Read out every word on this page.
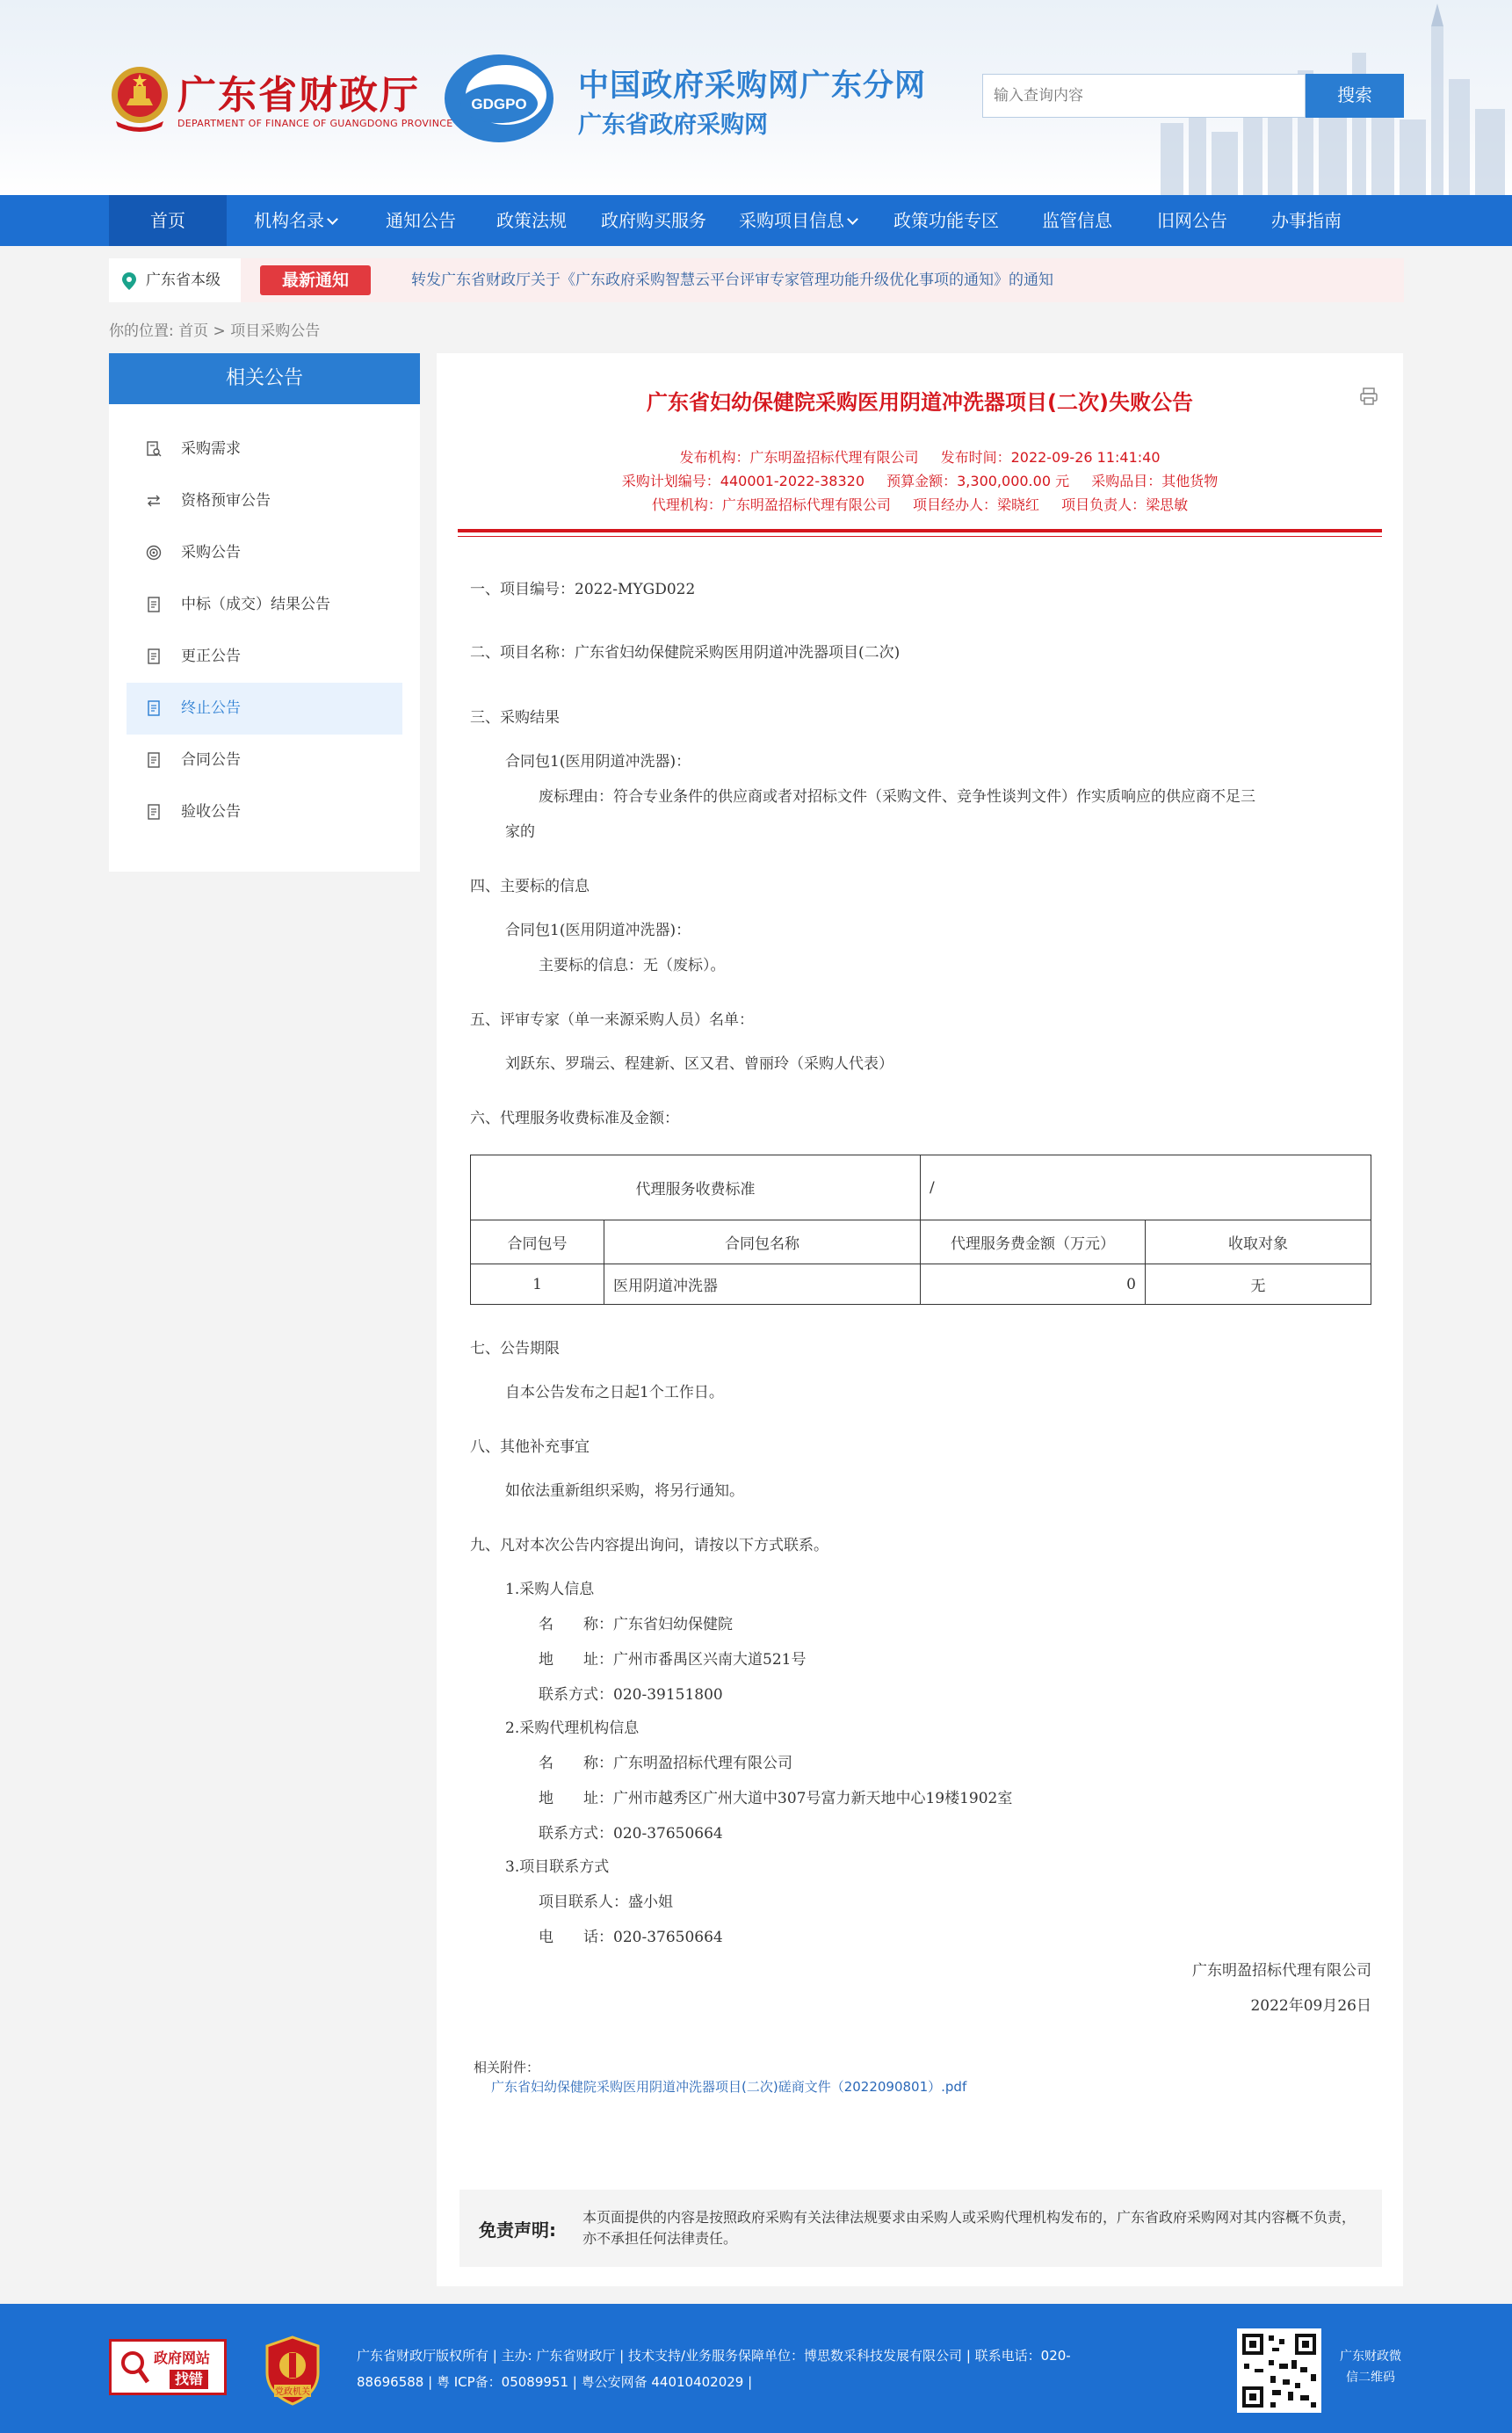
广东省财政厅
DEPARTMENT OF FINANCE OF GUANGDONG PROVINCE
GDGPO
中国政府采购网广东分网
广东省政府采购网
输入查询内容
搜索
首页	机构名录	通知公告	政策法规	政府购买服务	采购项目信息	政策功能专区	监管信息	旧网公告	办事指南
广东省本级	最新通知	转发广东省财政厅关于《广东政府采购智慧云平台评审专家管理功能升级优化事项的通知》的通知
你的位置: 首页 > 项目采购公告
相关公告
采购需求
资格预审公告
采购公告
中标（成交）结果公告
更正公告
终止公告
合同公告
验收公告
广东省妇幼保健院采购医用阴道冲洗器项目(二次)失败公告
发布机构：广东明盈招标代理有限公司 发布时间：2022-09-26 11:41:40
采购计划编号：440001-2022-38320 预算金额：3,300,000.00 元 采购品目：其他货物
代理机构：广东明盈招标代理有限公司 项目经办人：梁晓红 项目负责人：梁思敏
一、项目编号：2022-MYGD022
二、项目名称：广东省妇幼保健院采购医用阴道冲洗器项目(二次)
三、采购结果
合同包1(医用阴道冲洗器)：
废标理由：符合专业条件的供应商或者对招标文件（采购文件、竞争性谈判文件）作实质响应的供应商不足三
家的
四、主要标的信息
合同包1(医用阴道冲洗器)：
主要标的信息：无（废标）。
五、评审专家（单一来源采购人员）名单：
刘跃东、罗瑞云、程建新、区又君、曾丽玲（采购人代表）
六、代理服务收费标准及金额：
代理服务收费标准		/	
合同包号	合同包名称	代理服务费金额（万元）	收取对象
1	医用阴道冲洗器	0	无
七、公告期限
自本公告发布之日起1个工作日。
八、其他补充事宜
如依法重新组织采购，将另行通知。
九、凡对本次公告内容提出询问，请按以下方式联系。
1.采购人信息
名　　称：广东省妇幼保健院
地　　址：广州市番禺区兴南大道521号
联系方式：020-39151800
2.采购代理机构信息
名　　称：广东明盈招标代理有限公司
地　　址：广州市越秀区广州大道中307号富力新天地中心19楼1902室
联系方式：020-37650664
3.项目联系方式
项目联系人：盛小姐
电　　话：020-37650664
广东明盈招标代理有限公司
2022年09月26日
相关附件：
广东省妇幼保健院采购医用阴道冲洗器项目(二次)磋商文件（2022090801）.pdf
免责声明:
本页面提供的内容是按照政府采购有关法律法规要求由采购人或采购代理机构发布的，广东省政府采购网对其内容概不负责，亦不承担任何法律责任。
政府网站
找错
党政机关
广东省财政厅版权所有 | 主办: 广东省财政厅 | 技术支持/业务服务保障单位：博思数采科技发展有限公司 | 联系电话：020-
88696588 | 粤 ICP备：05089951 | 粤公安网备 44010402029 |
广东财政微信二维码
